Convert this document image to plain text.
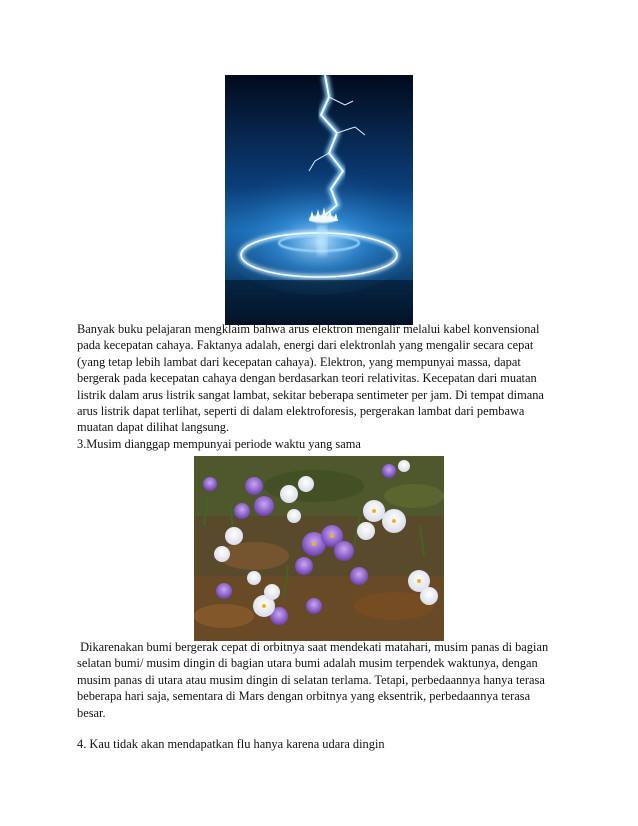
Banyak buku pelajaran mengklaim bahwa arus elektron mengalir melalui kabel konvensional
pada kecepatan cahaya. Faktanya adalah, energi dari elektronlah yang mengalir secara cepat
(yang tetap lebih lambat dari kecepatan cahaya). Elektron, yang mempunyai massa, dapat
bergerak pada kecepatan cahaya dengan berdasarkan teori relativitas. Kecepatan dari muatan
listrik dalam arus listrik sangat lambat, sekitar beberapa sentimeter per jam. Di tempat dimana
arus listrik dapat terlihat, seperti di dalam elektroforesis, pergerakan lambat dari pembawa
muatan dapat dilihat langsung.

3.Musim dianggap mempunyai periode waktu yang sama

Dikarenakan bumi bergerak cepat di orbitnya saat mendekati matahari, musim panas di bagian
selatan bumi/ musim dingin di bagian utara bumi adalah musim terpendek waktunya, dengan
musim panas di utara atau musim dingin di selatan terlama. Tetapi, perbedaannya hanya terasa
beberapa hari saja, sementara di Mars dengan orbitnya yang eksentrik, perbedaannya terasa
besar.

4. Kau tidak akan mendapatkan flu hanya karena udara dingin
